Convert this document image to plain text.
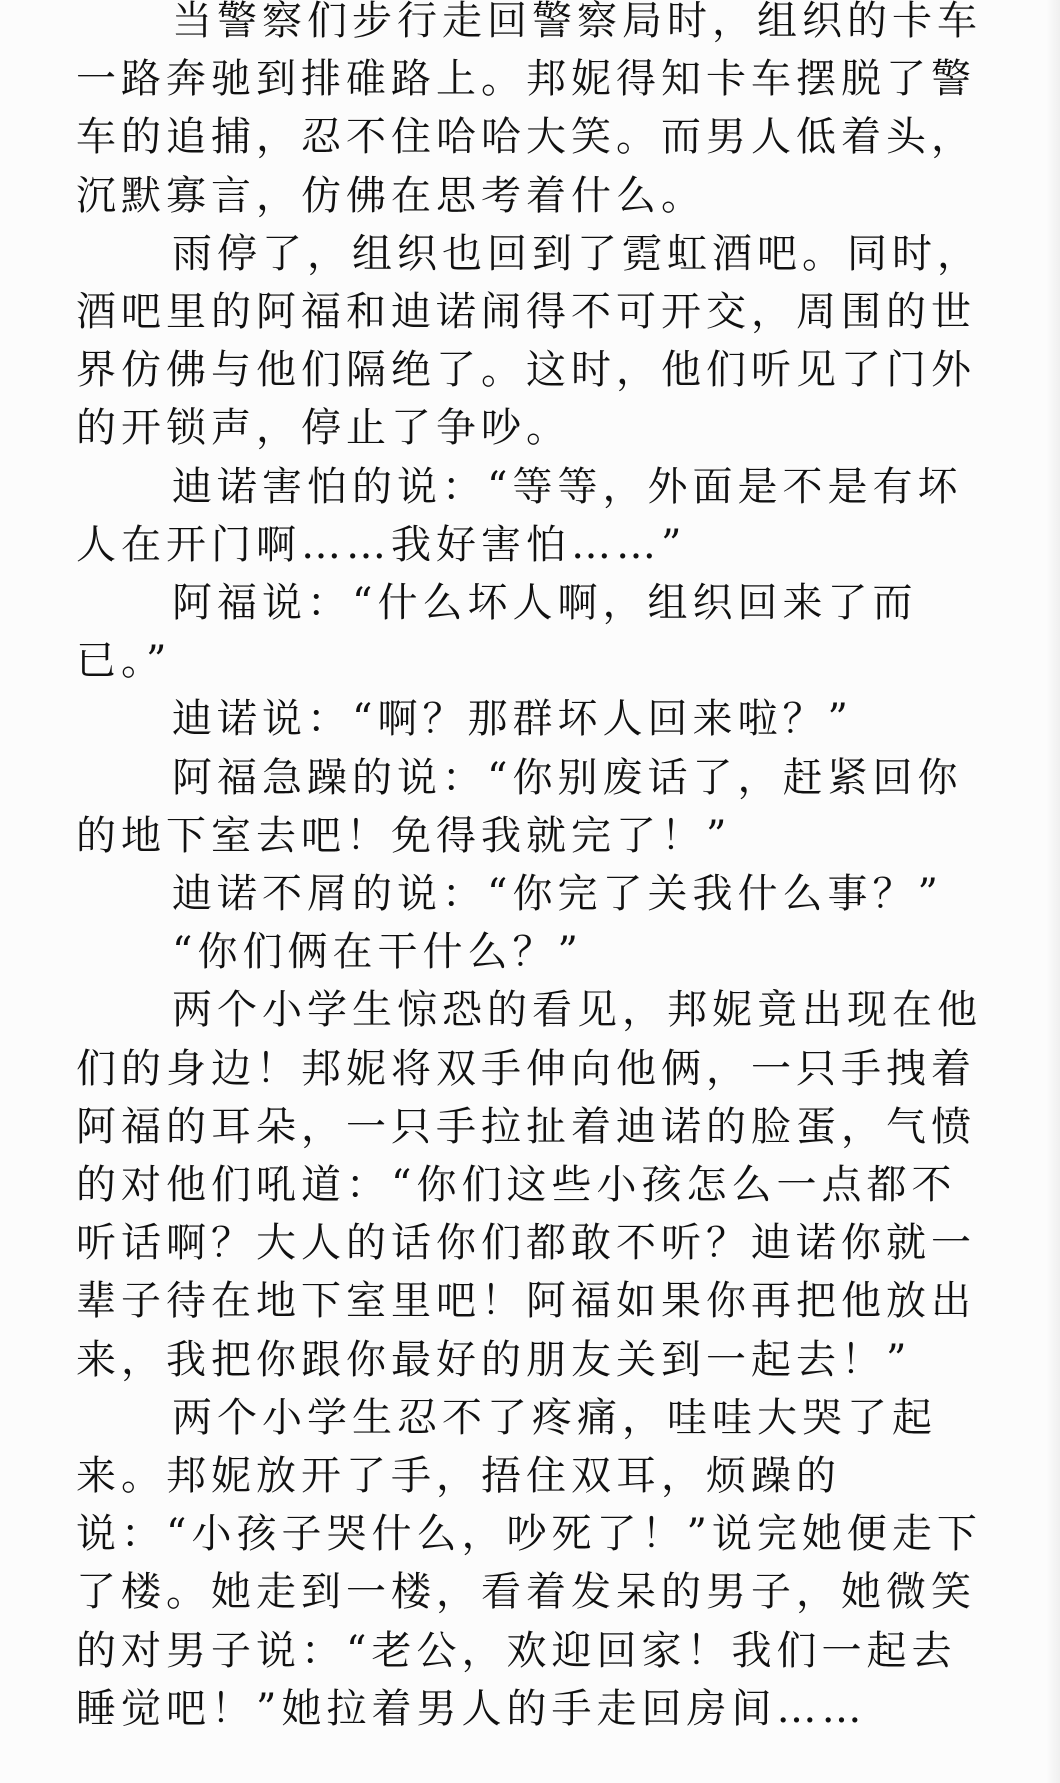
当警察们步行走回警察局时，组织的卡车一路奔驰到排碓路上。邦妮得知卡车摆脱了警车的追捕，忍不住哈哈大笑。而男人低着头，沉默寡言，仿佛在思考着什么。

雨停了，组织也回到了霓虹酒吧。同时，酒吧里的阿福和迪诺闹得不可开交，周围的世界仿佛与他们隔绝了。这时，他们听见了门外的开锁声，停止了争吵。

迪诺害怕的说：“等等，外面是不是有坏人在开门啊……我好害怕……”

阿福说：“什么坏人啊，组织回来了而已。”

迪诺说：“啊？那群坏人回来啦？”

阿福急躁的说：“你别废话了，赶紧回你的地下室去吧！免得我就完了！”

迪诺不屑的说：“你完了关我什么事？”

“你们俩在干什么？”

两个小学生惊恐的看见，邦妮竟出现在他们的身边！邦妮将双手伸向他俩，一只手拽着阿福的耳朵，一只手拉扯着迪诺的脸蛋，气愤的对他们吼道：“你们这些小孩怎么一点都不听话啊？大人的话你们都敢不听？迪诺你就一辈子待在地下室里吧！阿福如果你再把他放出来，我把你跟你最好的朋友关到一起去！”

两个小学生忍不了疼痛，哇哇大哭了起来。邦妮放开了手，捂住双耳，烦躁的说：“小孩子哭什么，吵死了！”说完她便走下了楼。她走到一楼，看着发呆的男子，她微笑的对男子说：“老公，欢迎回家！我们一起去睡觉吧！”她拉着男人的手走回房间……
